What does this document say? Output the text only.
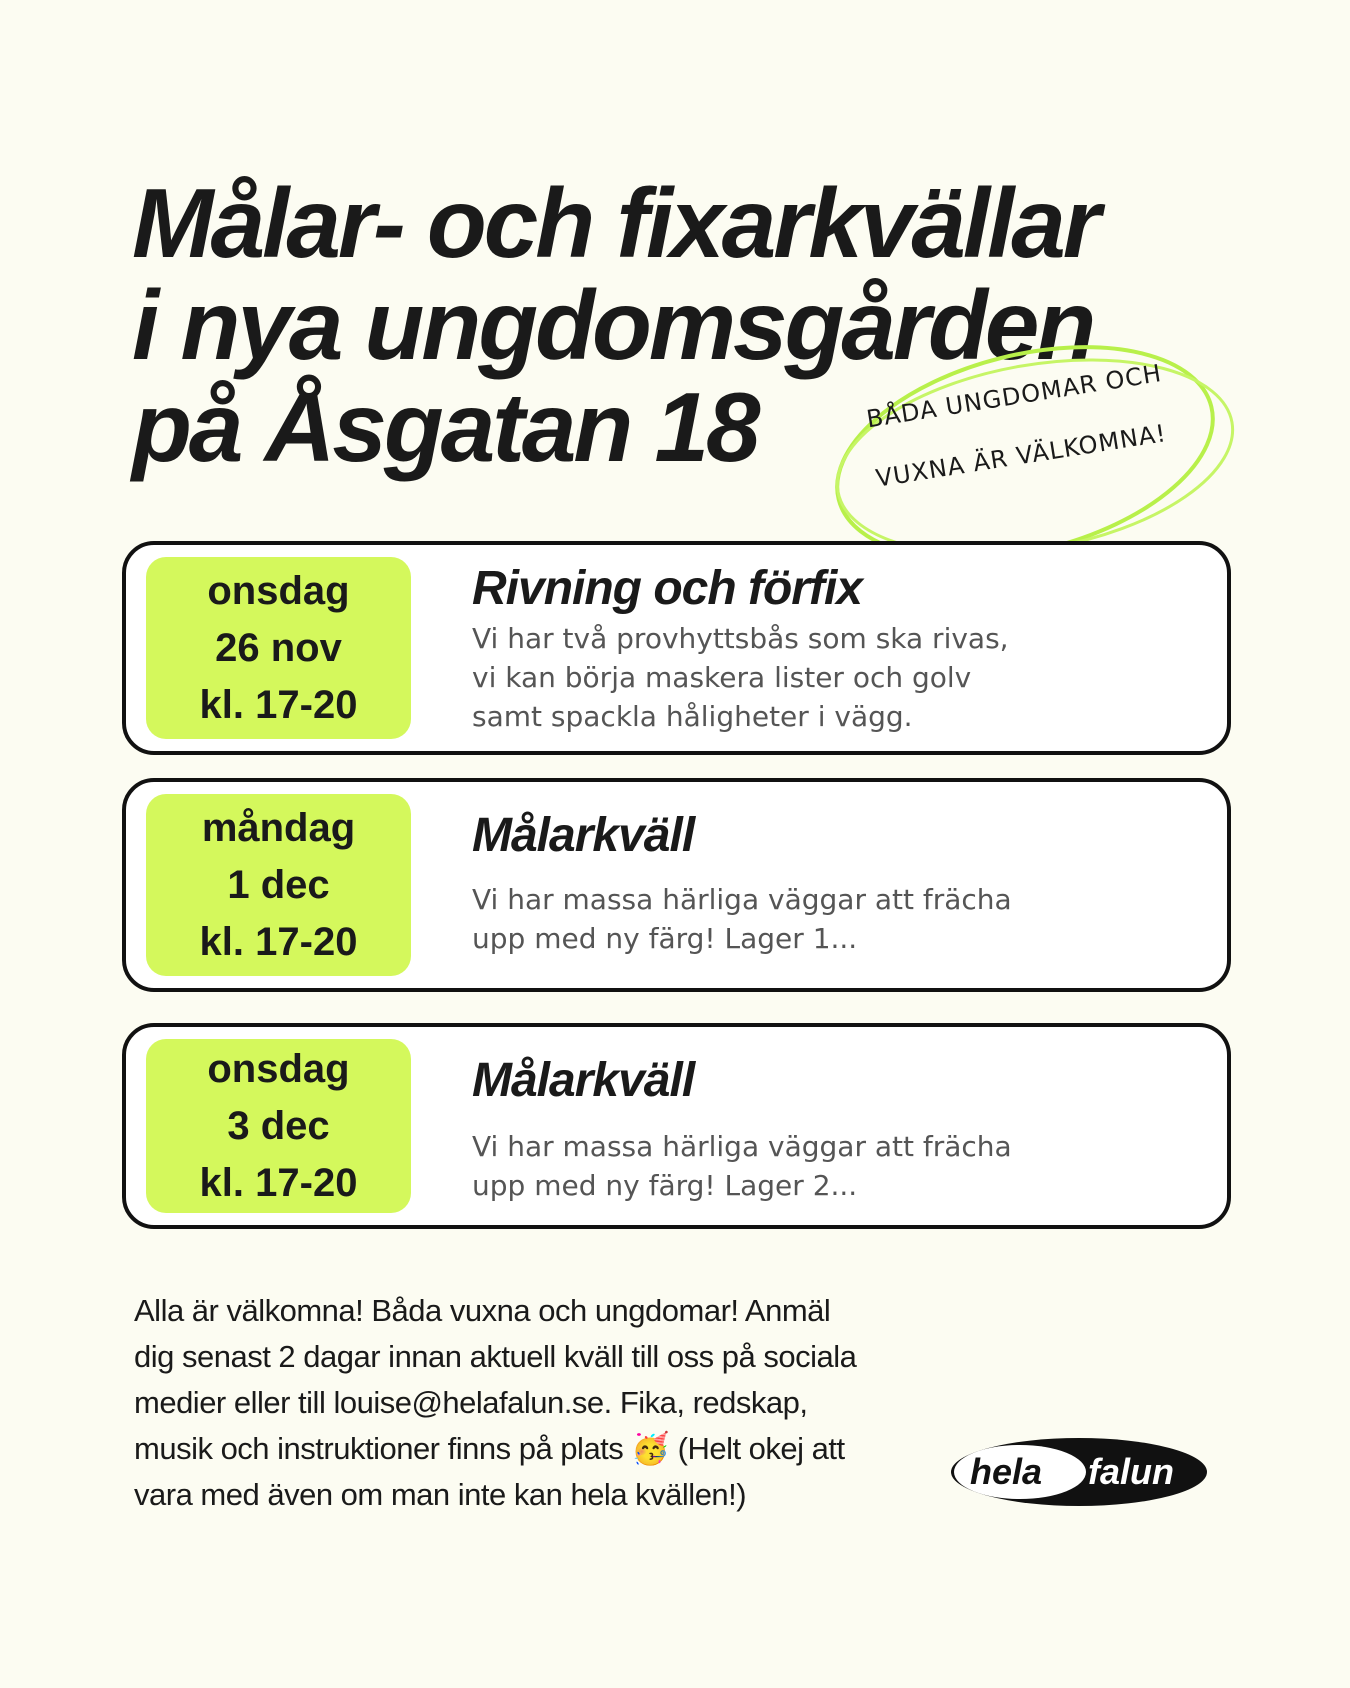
Målar- och fixarkvällar
i nya ungdomsgården
på Åsgatan 18	BÅDA UNGDOMAR OCH
VUXNA ÄR VÄLKOMNA!
onsdag
26 nov
kl. 17-20
Rivning och förfix
Vi har två provhyttsbås som ska rivas,
vi kan börja maskera lister och golv
samt spackla håligheter i vägg.
måndag
1 dec
kl. 17-20
Målarkväll
Vi har massa härliga väggar att frächa
upp med ny färg! Lager 1...
onsdag
3 dec
kl. 17-20
Målarkväll
Vi har massa härliga väggar att frächa
upp med ny färg! Lager 2...
Alla är välkomna! Båda vuxna och ungdomar! Anmäl
dig senast 2 dagar innan aktuell kväll till oss på sociala
medier eller till louise@helafalun.se. Fika, redskap,
musik och instruktioner finns på plats 🥳 (Helt okej att
vara med även om man inte kan hela kvällen!)
hela falun
